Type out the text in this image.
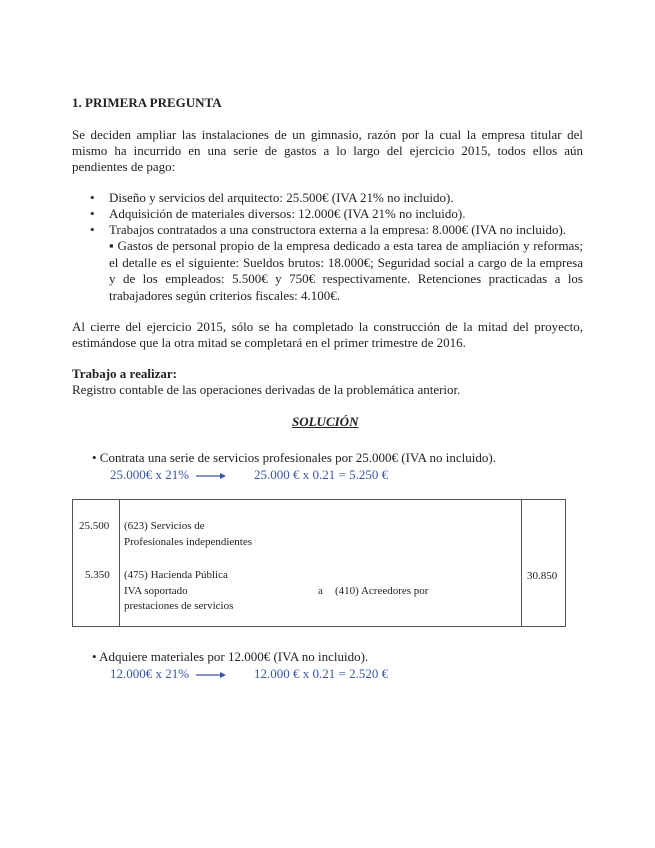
1. PRIMERA PREGUNTA
Se deciden ampliar las instalaciones de un gimnasio, razón por la cual la empresa titular del
mismo ha incurrido en una serie de gastos a lo largo del ejercicio 2015, todos ellos aún
pendientes de pago:
• Diseño y servicios del arquitecto: 25.500€ (IVA 21% no incluido).
• Adquisición de materiales diversos: 12.000€ (IVA 21% no incluido).
• Trabajos contratados a una constructora externa a la empresa: 8.000€ (IVA no incluido).
▪ Gastos de personal propio de la empresa dedicado a esta tarea de ampliación y reformas;
el detalle es el siguiente: Sueldos brutos: 18.000€; Seguridad social a cargo de la empresa
y de los empleados: 5.500€ y 750€ respectivamente. Retenciones practicadas a los
trabajadores según criterios fiscales: 4.100€.
Al cierre del ejercicio 2015, sólo se ha completado la construcción de la mitad del proyecto,
estimándose que la otra mitad se completará en el primer trimestre de 2016.
Trabajo a realizar:
Registro contable de las operaciones derivadas de la problemática anterior.
SOLUCIÓN
• Contrata una serie de servicios profesionales por 25.000€ (IVA no incluido).
25.000€ x 21%	25.000 € x 0.21 = 5.250 €
25.500 (623) Servicios de
Profesionales independientes
5.350 (475) Hacienda Pública
IVA soportado
prestaciones de servicios
a (410) Acreedores por
30.850
• Adquiere materiales por 12.000€ (IVA no incluido).
12.000€ x 21%	12.000 € x 0.21 = 2.520 €
